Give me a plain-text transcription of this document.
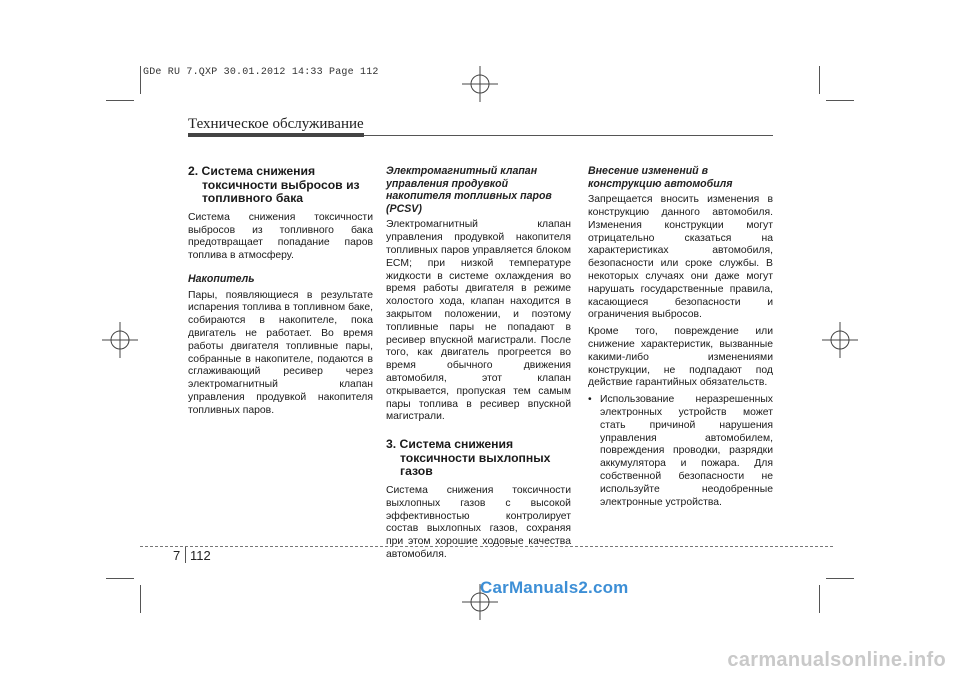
GDe RU 7.QXP 30.01.2012 14:33 Page 112
Техническое обслуживание
2. Система снижения токсичности выбросов из топливного бака

Система снижения токсичности выбросов из топливного бака предотвращает попадание паров топлива в атмосферу.

Накопитель

Пары, появляющиеся в результате испарения топлива в топливном баке, собираются в накопителе, пока двигатель не работает. Во время работы двигателя топливные пары, собранные в накопителе, подаются в сглаживающий ресивер через электромагнитный клапан управления продувкой накопителя топливных паров.

Электромагнитный клапан управления продувкой накопителя топливных паров (PCSV)

Электромагнитный клапан управления продувкой накопителя топливных паров управляется блоком ECM; при низкой температуре жидкости в системе охлаждения во время работы двигателя в режиме холостого хода, клапан находится в закрытом положении, и поэтому топливные пары не попадают в ресивер впускной магистрали. После того, как двигатель прогреется во время обычного движения автомобиля, этот клапан открывается, пропуская тем самым пары топлива в ресивер впускной магистрали.

3. Система снижения токсичности выхлопных газов

Система снижения токсичности выхлопных газов с высокой эффективностью контролирует состав выхлопных газов, сохраняя при этом хорошие ходовые качества автомобиля.

Внесение изменений в конструкцию автомобиля

Запрещается вносить изменения в конструкцию данного автомобиля. Изменения конструкции могут отрицательно сказаться на характеристиках автомобиля, безопасности или сроке службы. В некоторых случаях они даже могут нарушать государственные правила, касающиеся безопасности и ограничения выбросов.

Кроме того, повреждение или снижение характеристик, вызванные какими-либо изменениями конструкции, не подпадают под действие гарантийных обязательств.

• Использование неразрешенных электронных устройств может стать причиной нарушения управления автомобилем, повреждения проводки, разрядки аккумулятора и пожара. Для собственной безопасности не используйте неодобренные электронные устройства.
7 112
CarManuals2.com
carmanualsonline.info
